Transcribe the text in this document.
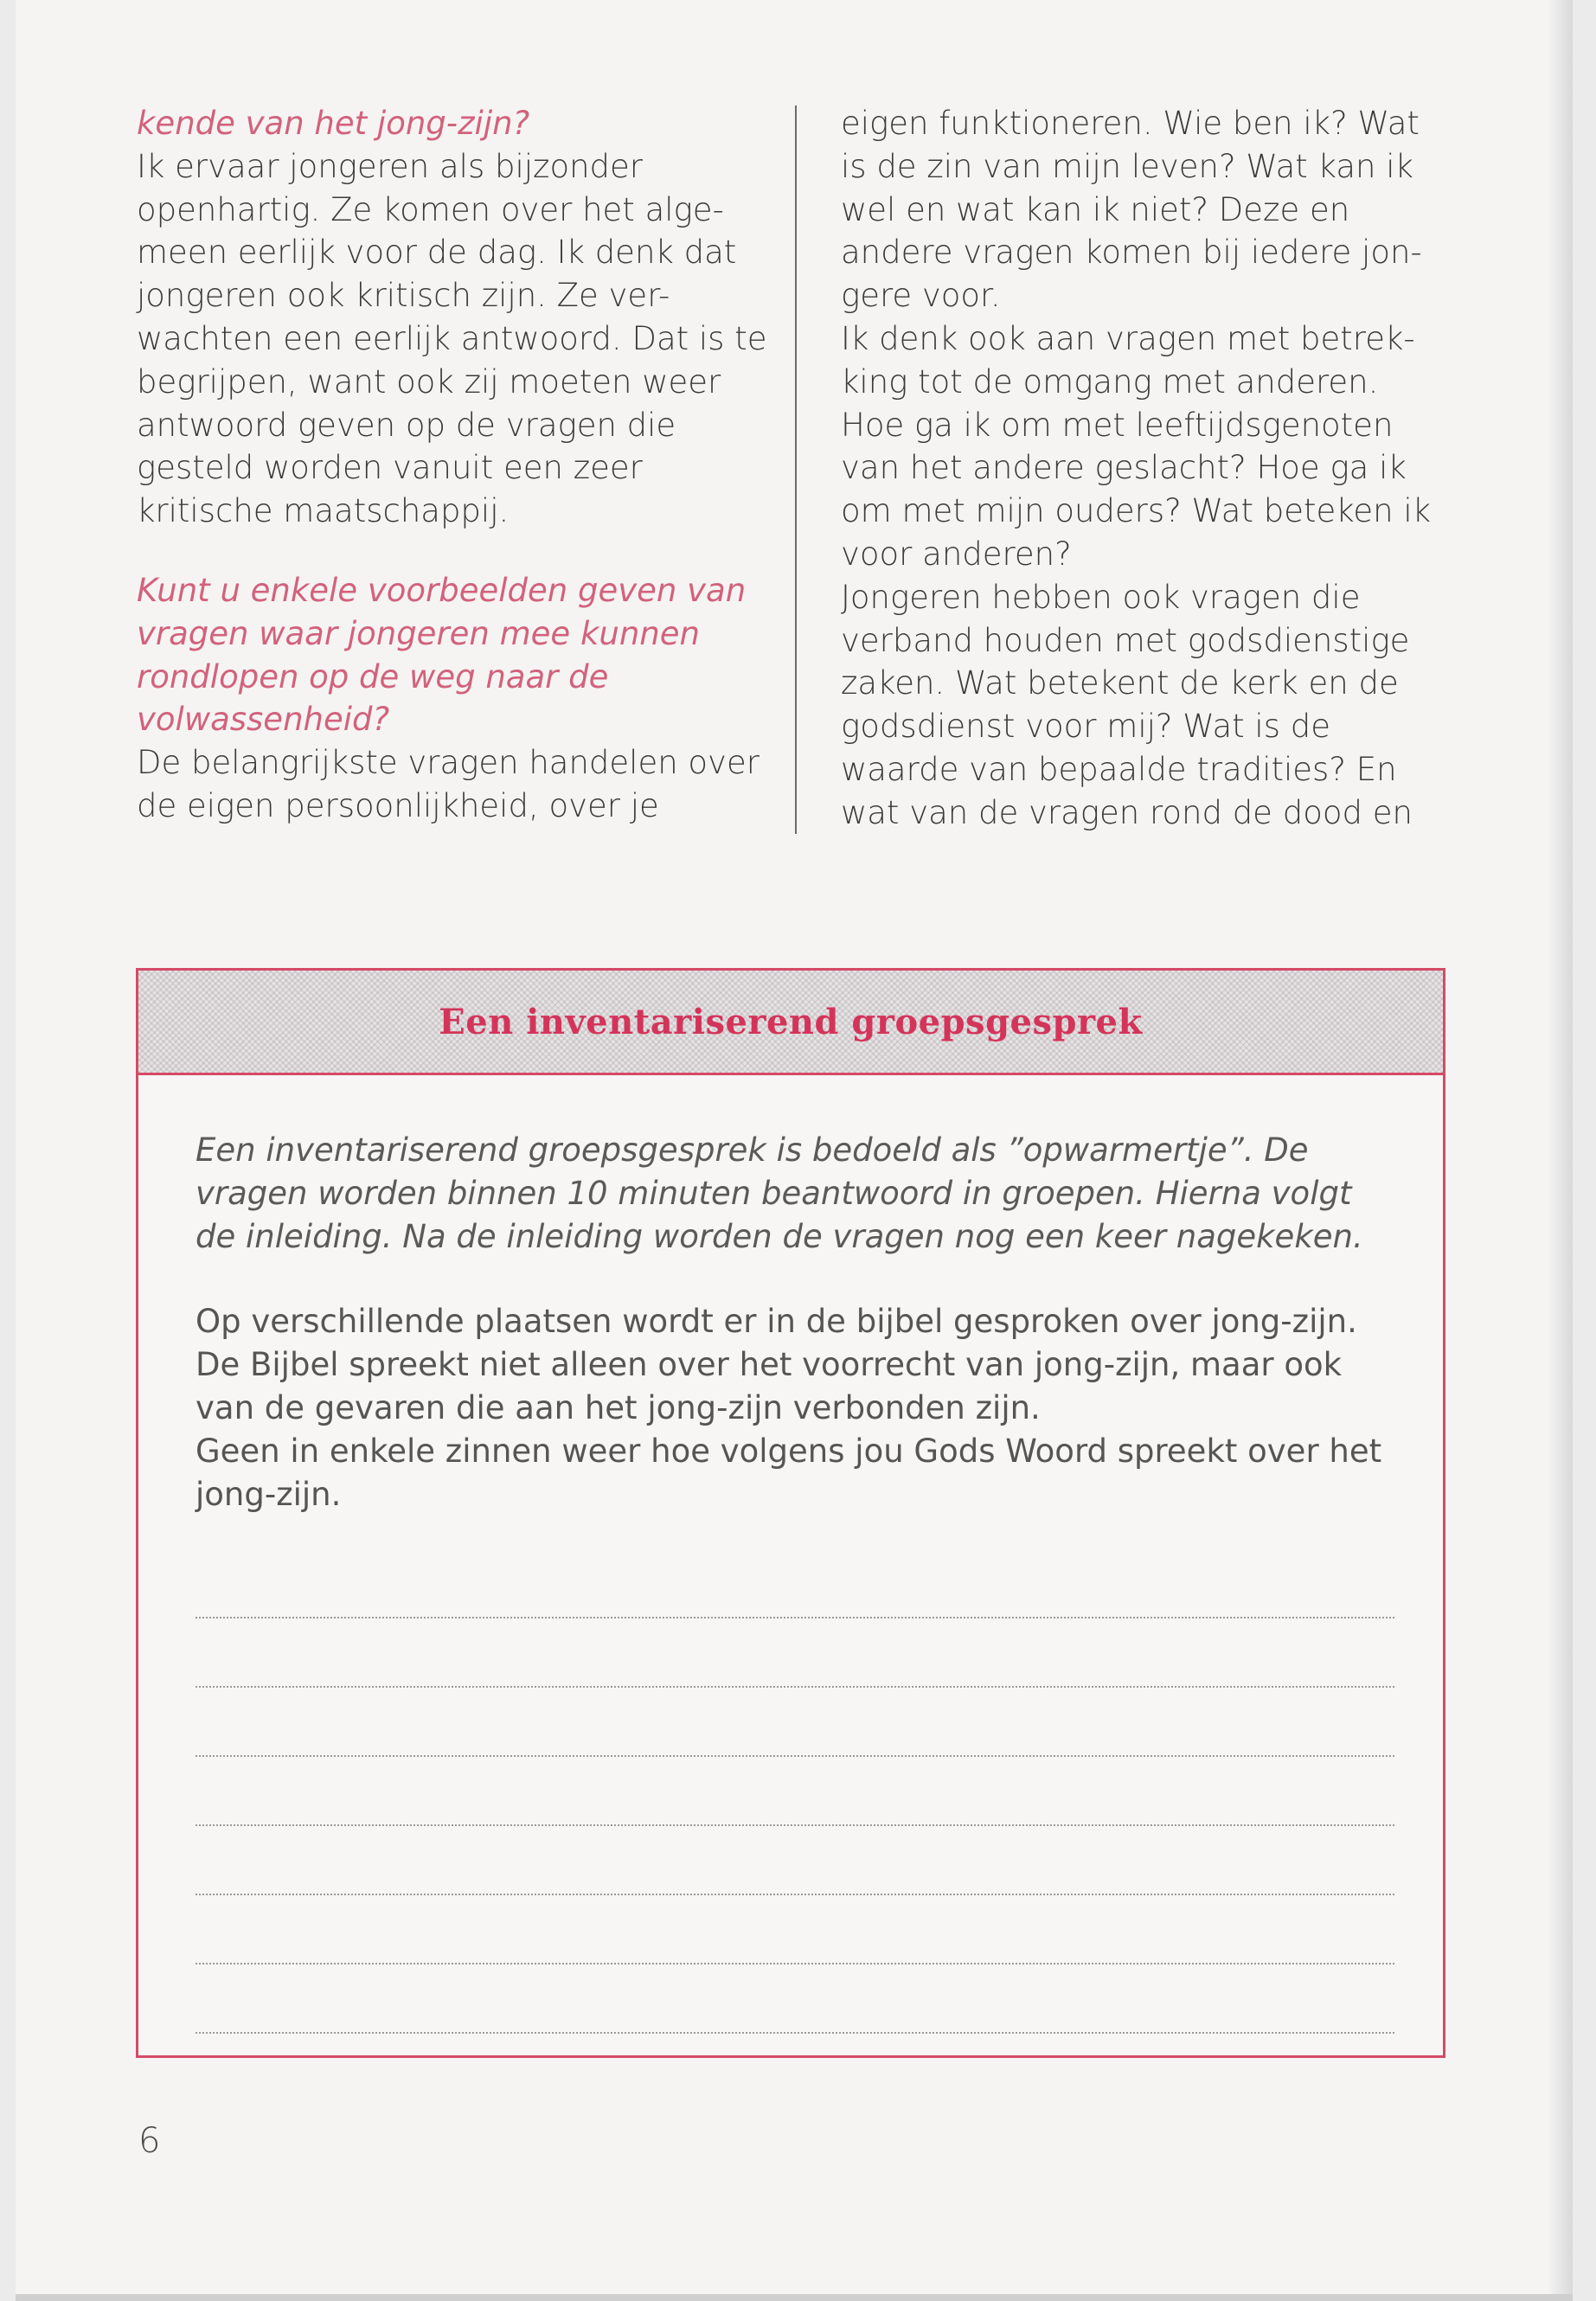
kende van het jong-zijn?

Ik ervaar jongeren als bijzonder openhartig. Ze komen over het alge-meen eerlijk voor de dag. Ik denk dat jongeren ook kritisch zijn. Ze ver-wachten een eerlijk antwoord. Dat is te begrijpen, want ook zij moeten weer antwoord geven op de vragen die gesteld worden vanuit een zeer kritische maatschappij.

Kunt u enkele voorbeelden geven van vragen waar jongeren mee kunnen rondlopen op de weg naar de volwassenheid?

De belangrijkste vragen handelen over de eigen persoonlijkheid, over je

eigen funktioneren. Wie ben ik? Wat is de zin van mijn leven? Wat kan ik wel en wat kan ik niet? Deze en andere vragen komen bij iedere jon-gere voor.

Ik denk ook aan vragen met betrek-king tot de omgang met anderen. Hoe ga ik om met leeftijdsgenoten van het andere geslacht? Hoe ga ik om met mijn ouders? Wat beteken ik voor anderen?

Jongeren hebben ook vragen die verband houden met godsdienstige zaken. Wat betekent de kerk en de godsdienst voor mij? Wat is de waarde van bepaalde tradities? En wat van de vragen rond de dood en

Een inventariserend groepsgesprek

Een inventariserend groepsgesprek is bedoeld als ”opwarmertje”. De vragen worden binnen 10 minuten beantwoord in groepen. Hierna volgt de inleiding. Na de inleiding worden de vragen nog een keer nagekeken.

Op verschillende plaatsen wordt er in de bijbel gesproken over jong-zijn. De Bijbel spreekt niet alleen over het voorrecht van jong-zijn, maar ook van de gevaren die aan het jong-zijn verbonden zijn.

Geen in enkele zinnen weer hoe volgens jou Gods Woord spreekt over het jong-zijn.

6
